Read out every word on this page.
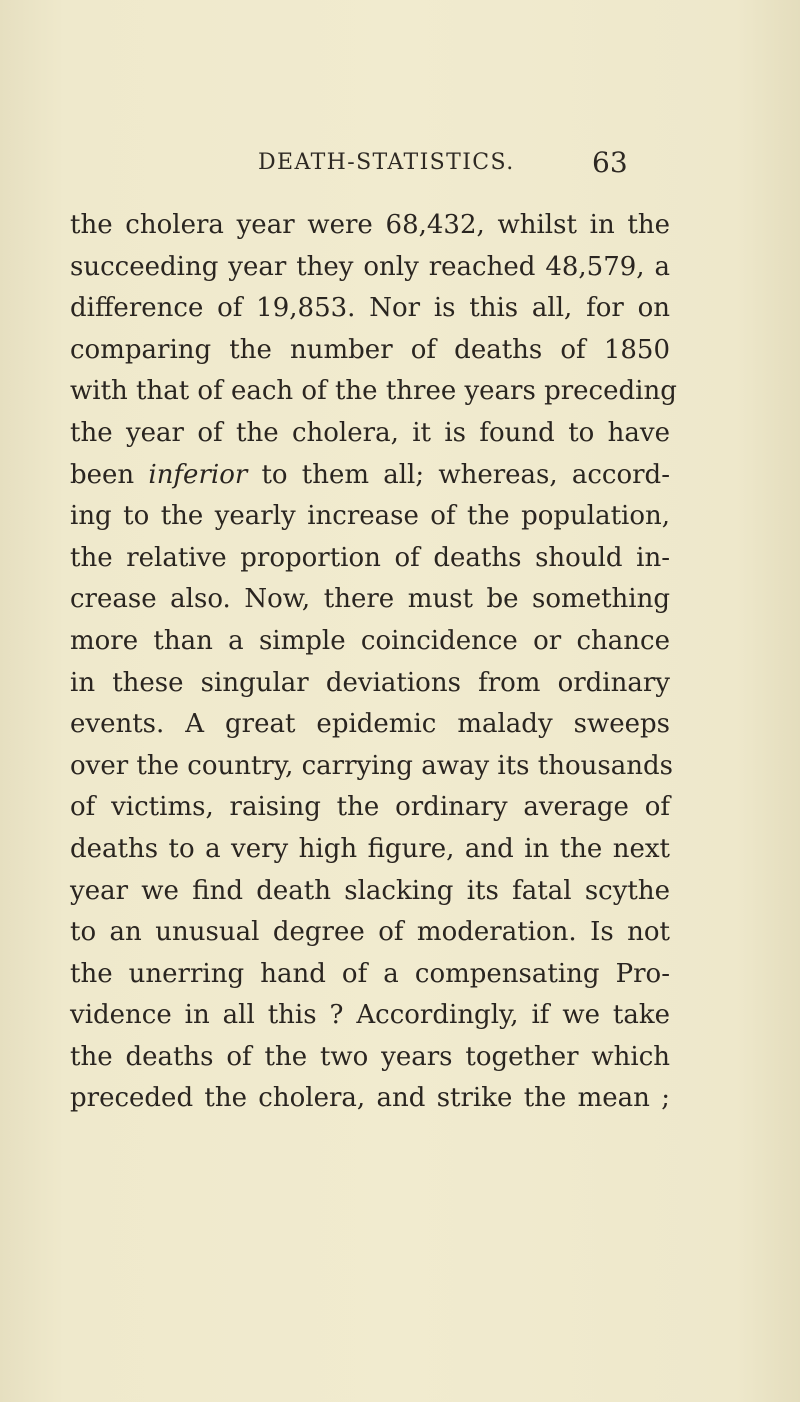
DEATH-STATISTICS.	63
the cholera year were 68,432, whilst in the
succeeding year they only reached 48,579, a
difference of 19,853. Nor is this all, for on
comparing the number of deaths of 1850
with that of each of the three years preceding
the year of the cholera, it is found to have
been inferior to them all; whereas, accord-
ing to the yearly increase of the population,
the relative proportion of deaths should in-
crease also. Now, there must be something
more than a simple coincidence or chance
in these singular deviations from ordinary
events. A great epidemic malady sweeps
over the country, carrying away its thousands
of victims, raising the ordinary average of
deaths to a very high figure, and in the next
year we find death slacking its fatal scythe
to an unusual degree of moderation. Is not
the unerring hand of a compensating Pro-
vidence in all this ? Accordingly, if we take
the deaths of the two years together which
preceded the cholera, and strike the mean ;
